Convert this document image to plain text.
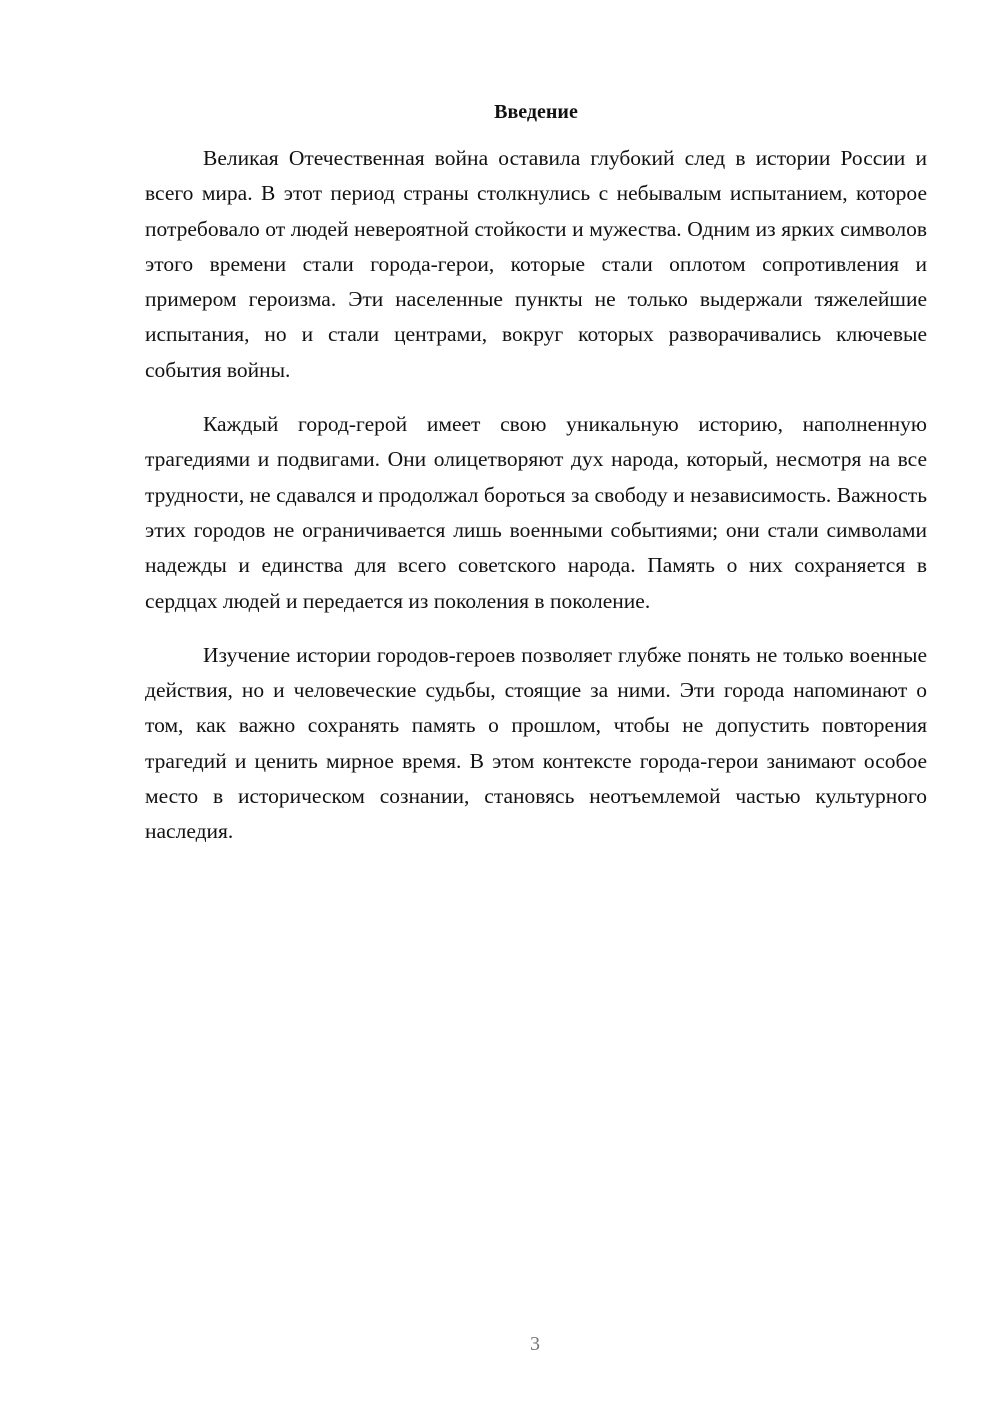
Введение

Великая Отечественная война оставила глубокий след в истории России и всего мира. В этот период страны столкнулись с небывалым испытанием, которое потребовало от людей невероятной стойкости и мужества. Одним из ярких символов этого времени стали города-герои, которые стали оплотом сопротивления и примером героизма. Эти населенные пункты не только выдержали тяжелейшие испытания, но и стали центрами, вокруг которых разворачивались ключевые события войны.

Каждый город-герой имеет свою уникальную историю, наполненную трагедиями и подвигами. Они олицетворяют дух народа, который, несмотря на все трудности, не сдавался и продолжал бороться за свободу и независимость. Важность этих городов не ограничивается лишь военными событиями; они стали символами надежды и единства для всего советского народа. Память о них сохраняется в сердцах людей и передается из поколения в поколение.

Изучение истории городов-героев позволяет глубже понять не только военные действия, но и человеческие судьбы, стоящие за ними. Эти города напоминают о том, как важно сохранять память о прошлом, чтобы не допустить повторения трагедий и ценить мирное время. В этом контексте города-герои занимают особое место в историческом сознании, становясь неотъемлемой частью культурного наследия.

3
